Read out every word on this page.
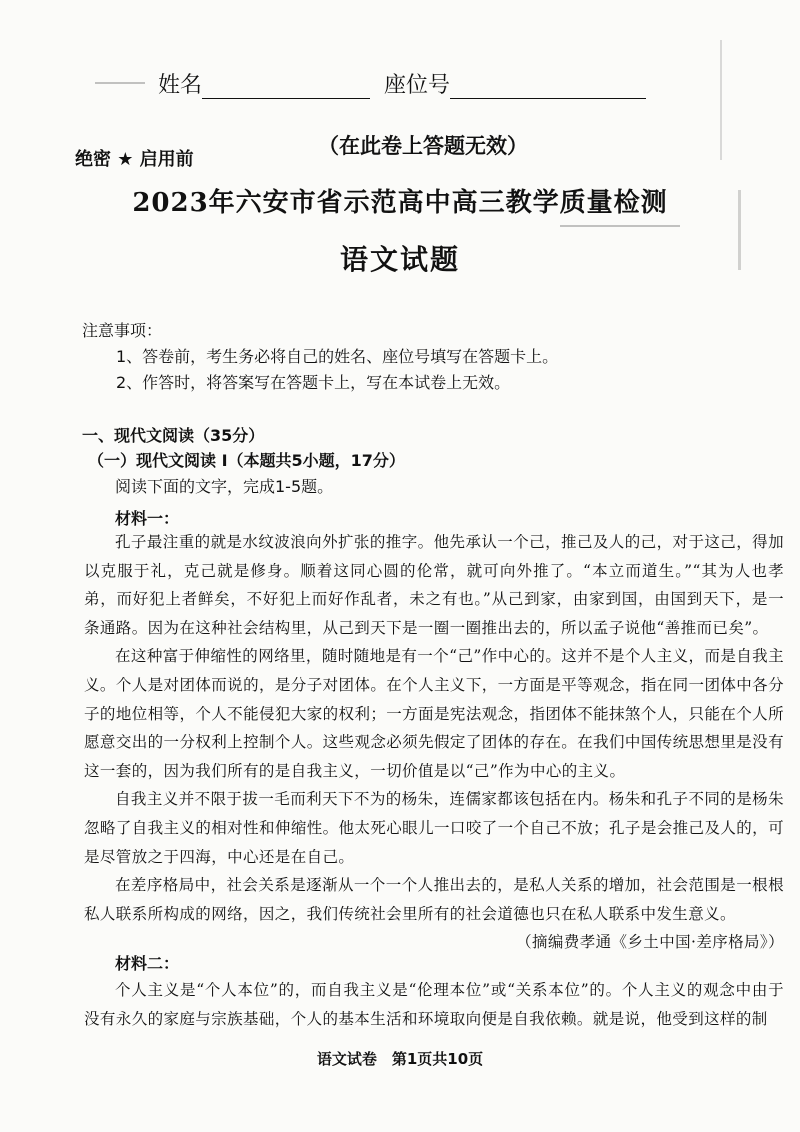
姓名	座位号
绝密 ★ 启用前
（在此卷上答题无效）
2023年六安市省示范高中高三教学质量检测
语文试题
注意事项：
1、答卷前，考生务必将自己的姓名、座位号填写在答题卡上。
2、作答时，将答案写在答题卡上，写在本试卷上无效。
一、现代文阅读（35分）
（一）现代文阅读 I（本题共5小题，17分）
阅读下面的文字，完成1-5题。
材料一：

孔子最注重的就是水纹波浪向外扩张的推字。他先承认一个己，推己及人的己，对于这己，得加以克服于礼，克己就是修身。顺着这同心圆的伦常，就可向外推了。“本立而道生。”“其为人也孝弟，而好犯上者鲜矣，不好犯上而好作乱者，未之有也。”从己到家，由家到国，由国到天下，是一条通路。因为在这种社会结构里，从己到天下是一圈一圈推出去的，所以孟子说他“善推而已矣”。

在这种富于伸缩性的网络里，随时随地是有一个“己”作中心的。这并不是个人主义，而是自我主义。个人是对团体而说的，是分子对团体。在个人主义下，一方面是平等观念，指在同一团体中各分子的地位相等，个人不能侵犯大家的权利；一方面是宪法观念，指团体不能抹煞个人，只能在个人所愿意交出的一分权利上控制个人。这些观念必须先假定了团体的存在。在我们中国传统思想里是没有这一套的，因为我们所有的是自我主义，一切价值是以“己”作为中心的主义。

自我主义并不限于拔一毛而利天下不为的杨朱，连儒家都该包括在内。杨朱和孔子不同的是杨朱忽略了自我主义的相对性和伸缩性。他太死心眼儿一口咬了一个自己不放；孔子是会推己及人的，可是尽管放之于四海，中心还是在自己。

在差序格局中，社会关系是逐渐从一个一个人推出去的，是私人关系的增加，社会范围是一根根私人联系所构成的网络，因之，我们传统社会里所有的社会道德也只在私人联系中发生意义。

（摘编费孝通《乡土中国·差序格局》）

材料二：

个人主义是“个人本位”的，而自我主义是“伦理本位”或“关系本位”的。个人主义的观念中由于没有永久的家庭与宗族基础，个人的基本生活和环境取向便是自我依赖。就是说，他受到这样的制

语文试卷　第1页共10页
